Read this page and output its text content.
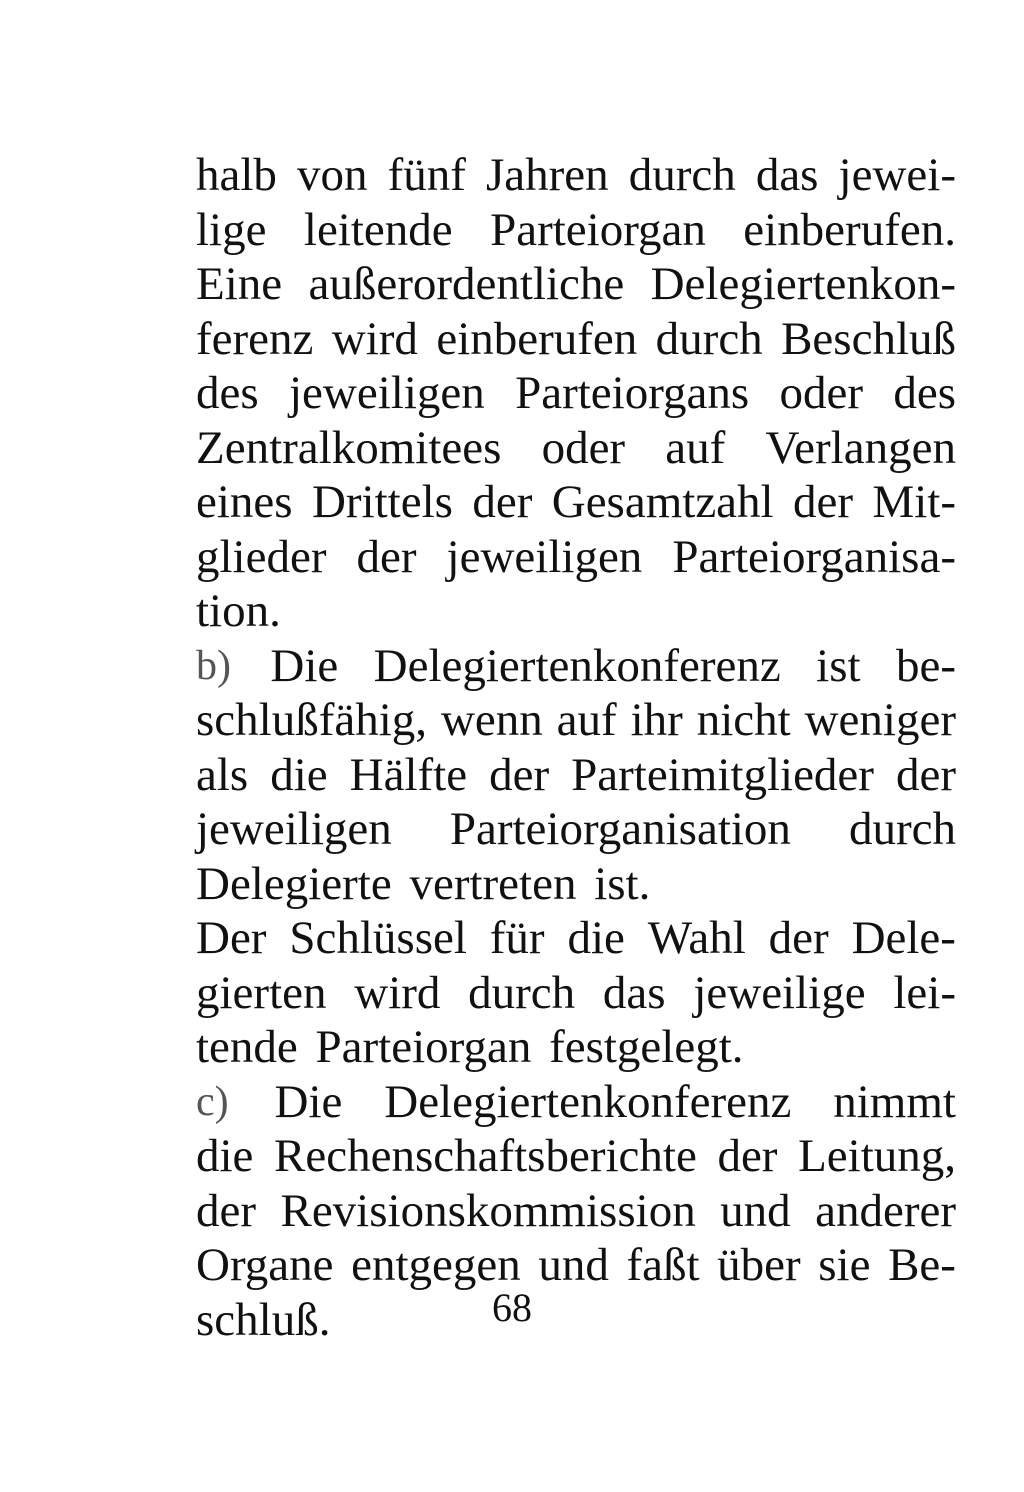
halb von fünf Jahren durch das jewei-
lige leitende Parteiorgan einberufen.
Eine außerordentliche Delegiertenkon-
ferenz wird einberufen durch Beschluß
des jeweiligen Parteiorgans oder des
Zentralkomitees oder auf Verlangen
eines Drittels der Gesamtzahl der Mit-
glieder der jeweiligen Parteiorganisa-
tion.
b) Die Delegiertenkonferenz ist be-
schlußfähig, wenn auf ihr nicht weniger
als die Hälfte der Parteimitglieder der
jeweiligen Parteiorganisation durch
Delegierte vertreten ist.
Der Schlüssel für die Wahl der Dele-
gierten wird durch das jeweilige lei-
tende Parteiorgan festgelegt.
c) Die Delegiertenkonferenz nimmt
die Rechenschaftsberichte der Leitung,
der Revisionskommission und anderer
Organe entgegen und faßt über sie Be-
schluß.	68
